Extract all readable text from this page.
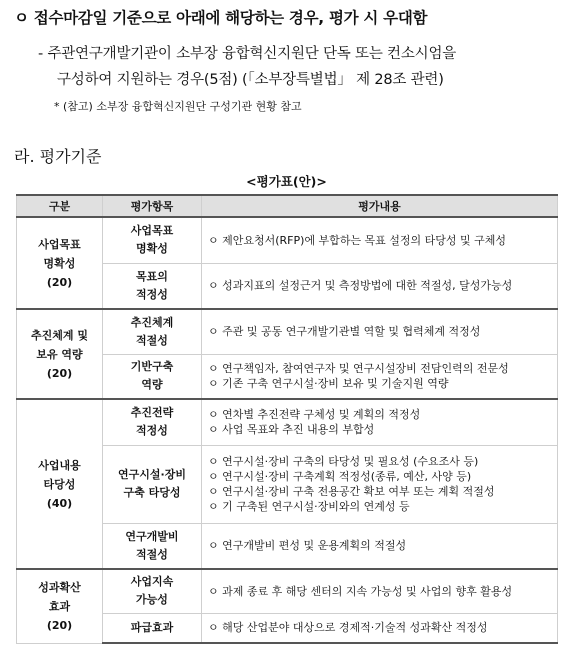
ㅇ 접수마감일 기준으로 아래에 해당하는 경우, 평가 시 우대함
- 주관연구개발기관이 소부장 융합혁신지원단 단독 또는 컨소시엄을
구성하여 지원하는 경우(5점) (「소부장특별법」 제 28조 관련)
* (참고) 소부장 융합혁신지원단 구성기관 현황 참고
라. 평가기준
<평가표(안)>
구분	평가항목	평가내용

사업목표
명확성
(20)	사업목표
명확성	ㅇ 제안요청서(RFP)에 부합하는 목표 설정의 타당성 및 구체성

	목표의
적정성	ㅇ 성과지표의 설정근거 및 측정방법에 대한 적절성, 달성가능성

추진체계 및
보유 역량
(20)	추진체계
적절성	ㅇ 주관 및 공동 연구개발기관별 역할 및 협력체계 적정성

	기반구축
역량	ㅇ 연구책임자, 참여연구자 및 연구시설장비 전담인력의 전문성
ㅇ 기존 구축 연구시설·장비 보유 및 기술지원 역량

사업내용
타당성
(40)	추진전략
적정성	ㅇ 연차별 추진전략 구체성 및 계획의 적정성
ㅇ 사업 목표와 추진 내용의 부합성

	연구시설·장비
구축 타당성	ㅇ 연구시설·장비 구축의 타당성 및 필요성 (수요조사 등)
ㅇ 연구시설·장비 구축계획 적정성(종류, 예산, 사양 등)
ㅇ 연구시설·장비 구축 전용공간 확보 여부 또는 계획 적절성
ㅇ 기 구축된 연구시설·장비와의 연계성 등

	연구개발비
적절성	ㅇ 연구개발비 편성 및 운용계획의 적절성

성과확산
효과
(20)	사업지속
가능성	ㅇ 과제 종료 후 해당 센터의 지속 가능성 및 사업의 향후 활용성

	파급효과	ㅇ 해당 산업분야 대상으로 경제적·기술적 성과확산 적정성
